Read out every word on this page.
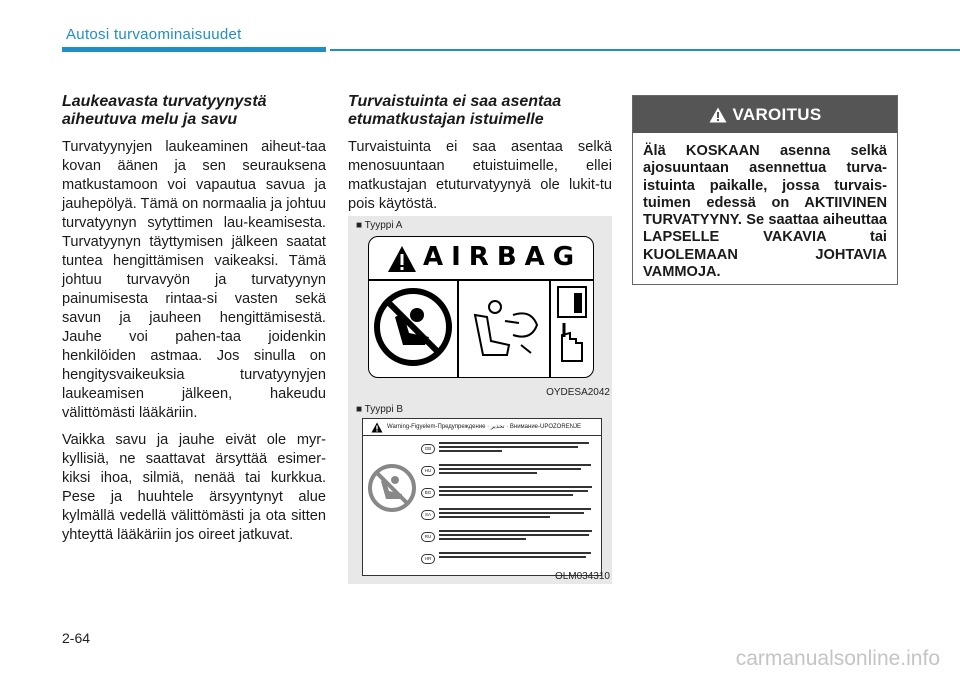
Autosi turvaominaisuudet
Laukeavasta turvatyynystä aiheutuva melu ja savu

Turvatyynyjen laukeaminen aiheut-taa kovan äänen ja sen seurauksena matkustamoon voi vapautua savua ja jauhepölyä. Tämä on normaalia ja johtuu turvatyynyn sytyttimen lau-keamisesta. Turvatyynyn täyttymisen jälkeen saatat tuntea hengittämisen vaikeaksi. Tämä johtuu turvavyön ja turvatyynyn painumisesta rintaa-si vasten sekä savun ja jauheen hengittämisestä. Jauhe voi pahen-taa joidenkin henkilöiden astmaa. Jos sinulla on hengitysvaikeuksia turvatyynyjen laukeamisen jälkeen, hakeudu välittömästi lääkäriin.

Vaikka savu ja jauhe eivät ole myr-kyllisiä, ne saattavat ärsyttää esimer-kiksi ihoa, silmiä, nenää tai kurkkua. Pese ja huuhtele ärsyyntynyt alue kylmällä vedellä välittömästi ja ota sitten yhteyttä lääkäriin jos oireet jatkuvat.

Turvaistuinta ei saa asentaa etumatkustajan istuimelle

Turvaistuinta ei saa asentaa selkä menosuuntaan etuistuimelle, ellei matkustajan etuturvatyynyä ole lukit-tu pois käytöstä.

■ Tyyppi A
AIRBAG
OYDESA2042
■ Tyyppi B
Warning-Figyelem-Предупреждение · تحذير · Внимание-UPOZORENJE
GB
HU
BG
SA
RU
HR
OLM034310
VAROITUS
Älä KOSKAAN asenna selkä ajosuuntaan asennettua turva-istuinta paikalle, jossa turvais-tuimen edessä on AKTIIVINEN TURVATYYNY. Se saattaa aiheuttaa LAPSELLE VAKAVIA tai KUOLEMAAN JOHTAVIA VAMMOJA.
2-64
carmanualsonline.info
